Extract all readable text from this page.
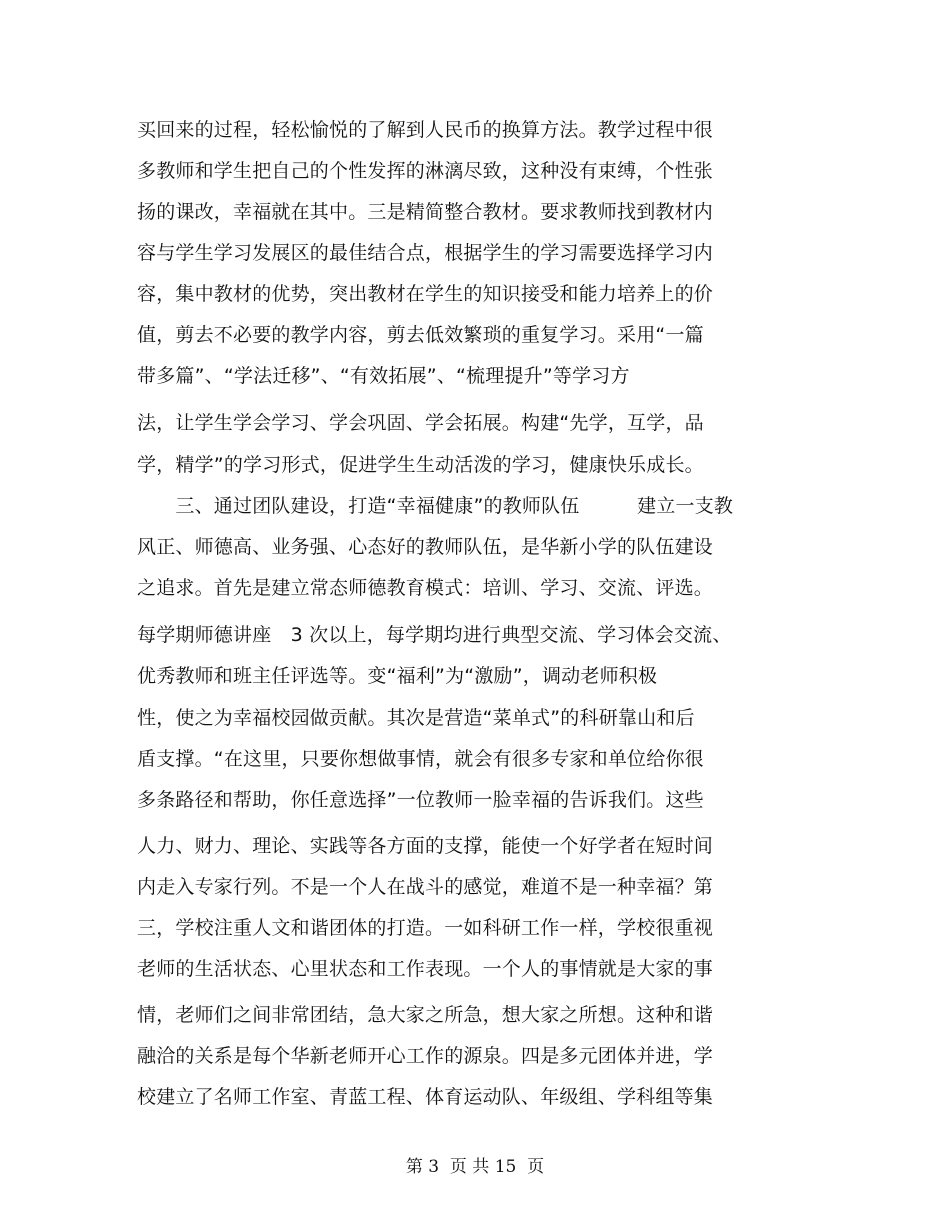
买回来的过程，轻松愉悦的了解到人民币的换算方法。教学过程中很
多教师和学生把自己的个性发挥的淋漓尽致，这种没有束缚，个性张
扬的课改，幸福就在其中。三是精简整合教材。要求教师找到教材内
容与学生学习发展区的最佳结合点，根据学生的学习需要选择学习内
容，集中教材的优势，突出教材在学生的知识接受和能力培养上的价
值，剪去不必要的教学内容，剪去低效繁琐的重复学习。采用“一篇
带多篇”、“学法迁移”、“有效拓展”、“梳理提升”等学习方
法，让学生学会学习、学会巩固、学会拓展。构建“先学，互学，品
学，精学”的学习形式，促进学生生动活泼的学习，健康快乐成长。
　　三、通过团队建设，打造“幸福健康”的教师队伍　　　建立一支教
风正、师德高、业务强、心态好的教师队伍，是华新小学的队伍建设
之追求。首先是建立常态师德教育模式：培训、学习、交流、评选。
每学期师德讲座　3 次以上，每学期均进行典型交流、学习体会交流、
优秀教师和班主任评选等。变“福利”为“激励”，调动老师积极
性，使之为幸福校园做贡献。其次是营造“菜单式”的科研靠山和后
盾支撑。“在这里，只要你想做事情，就会有很多专家和单位给你很
多条路径和帮助，你任意选择”一位教师一脸幸福的告诉我们。这些
人力、财力、理论、实践等各方面的支撑，能使一个好学者在短时间
内走入专家行列。不是一个人在战斗的感觉，难道不是一种幸福？第
三，学校注重人文和谐团体的打造。一如科研工作一样，学校很重视
老师的生活状态、心里状态和工作表现。一个人的事情就是大家的事
情，老师们之间非常团结，急大家之所急，想大家之所想。这种和谐
融洽的关系是每个华新老师开心工作的源泉。四是多元团体并进，学
校建立了名师工作室、青蓝工程、体育运动队、年级组、学科组等集
第 3  页 共 15  页
